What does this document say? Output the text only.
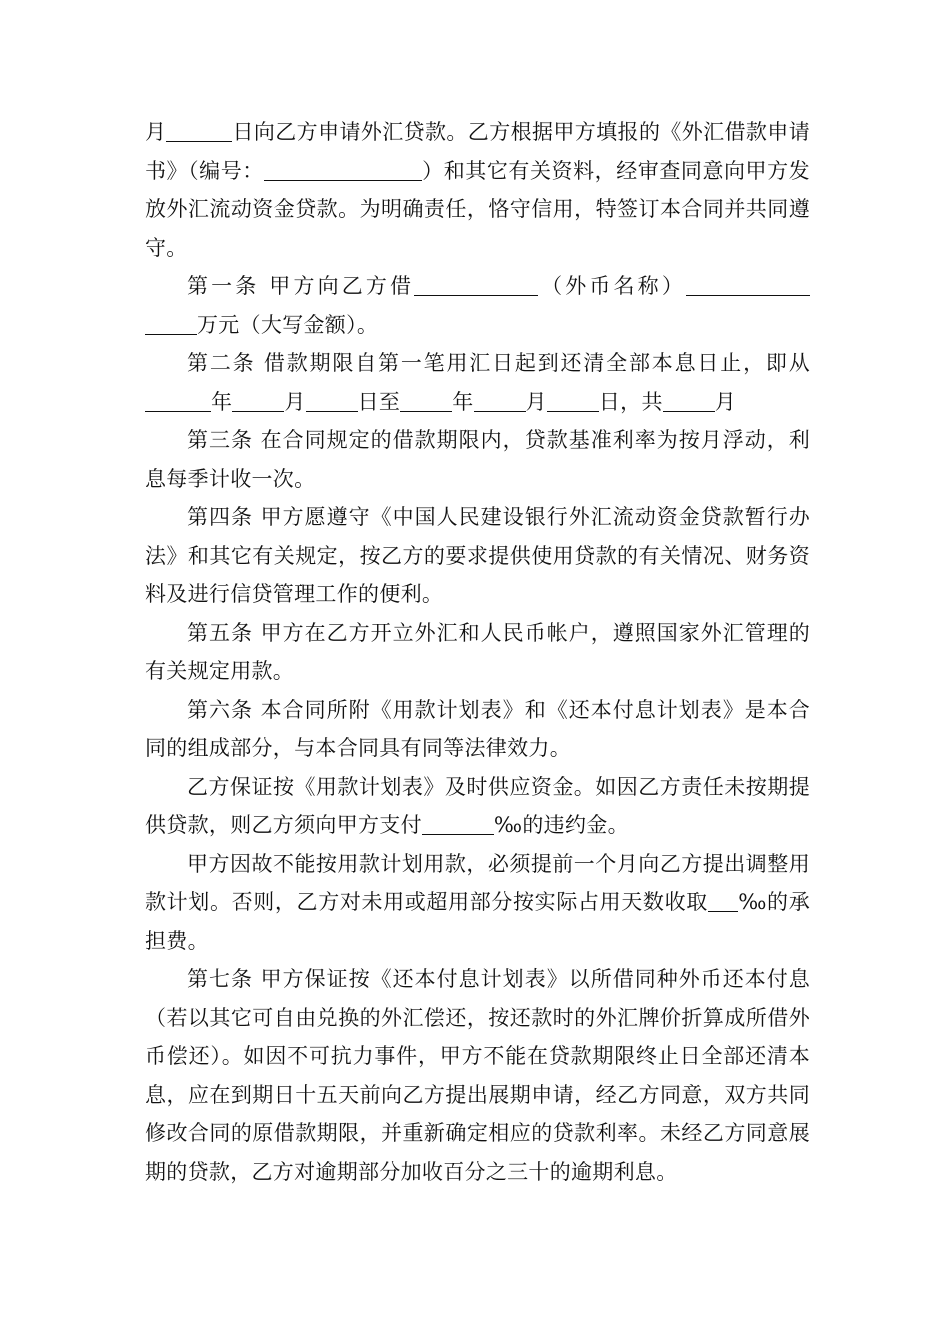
月	日向乙方申请外汇贷款。乙方根据甲方填报的《外汇借款申请书》（编号：	）和其它有关资料，经审查同意向甲方发放外汇流动资金贷款。为明确责任，恪守信用，特签订本合同并共同遵守。

第一条 甲方向乙方借	（外币名称）万元（大写金额）。

第二条 借款期限自第一笔用汇日起到还清全部本息日止，即从年 月 日至 年 月 日，共 月

第三条 在合同规定的借款期限内，贷款基准利率为按月浮动，利息每季计收一次。

第四条 甲方愿遵守《中国人民建设银行外汇流动资金贷款暂行办法》和其它有关规定，按乙方的要求提供使用贷款的有关情况、财务资料及进行信贷管理工作的便利。

第五条 甲方在乙方开立外汇和人民币帐户，遵照国家外汇管理的有关规定用款。

第六条 本合同所附《用款计划表》和《还本付息计划表》是本合同的组成部分，与本合同具有同等法律效力。

乙方保证按《用款计划表》及时供应资金。如因乙方责任未按期提供贷款，则乙方须向甲方支付	‰的违约金。

甲方因故不能按用款计划用款，必须提前一个月向乙方提出调整用款计划。否则，乙方对未用或超用部分按实际占用天数收取 ‰的承担费。

第七条 甲方保证按《还本付息计划表》以所借同种外币还本付息（若以其它可自由兑换的外汇偿还，按还款时的外汇牌价折算成所借外币偿还）。如因不可抗力事件，甲方不能在贷款期限终止日全部还清本息，应在到期日十五天前向乙方提出展期申请，经乙方同意，双方共同修改合同的原借款期限，并重新确定相应的贷款利率。未经乙方同意展期的贷款，乙方对逾期部分加收百分之三十的逾期利息。
